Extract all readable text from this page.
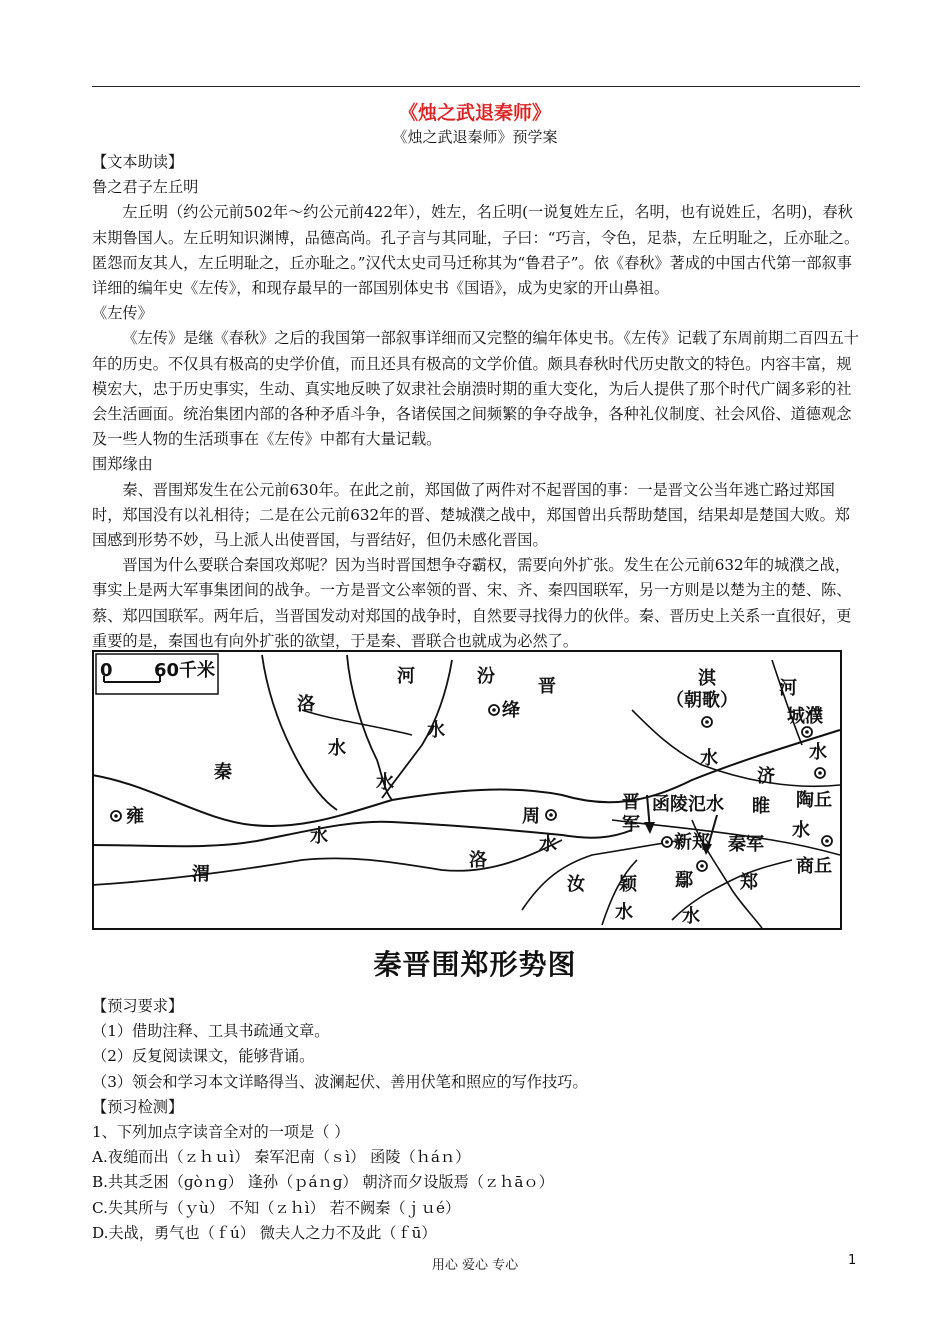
《烛之武退秦师》
《烛之武退秦师》预学案

【文本助读】

鲁之君子左丘明

左丘明（约公元前502年～约公元前422年），姓左，名丘明(一说复姓左丘，名明，也有说姓丘，名明)，春秋末期鲁国人。左丘明知识渊博，品德高尚。孔子言与其同耻，子曰：“巧言，令色，足恭，左丘明耻之，丘亦耻之。匿怨而友其人，左丘明耻之，丘亦耻之。”汉代太史司马迁称其为“鲁君子”。依《春秋》著成的中国古代第一部叙事详细的编年史《左传》，和现存最早的一部国别体史书《国语》，成为史家的开山鼻祖。

《左传》

《左传》是继《春秋》之后的我国第一部叙事详细而又完整的编年体史书。《左传》记载了东周前期二百四五十年的历史。不仅具有极高的史学价值，而且还具有极高的文学价值。颇具春秋时代历史散文的特色。内容丰富，规模宏大，忠于历史事实，生动、真实地反映了奴隶社会崩溃时期的重大变化，为后人提供了那个时代广阔多彩的社会生活画面。统治集团内部的各种矛盾斗争，各诸侯国之间频繁的争夺战争，各种礼仪制度、社会风俗、道德观念及一些人物的生活琐事在《左传》中都有大量记载。

围郑缘由

秦、晋围郑发生在公元前630年。在此之前，郑国做了两件对不起晋国的事：一是晋文公当年逃亡路过郑国时，郑国没有以礼相待；二是在公元前632年的晋、楚城濮之战中，郑国曾出兵帮助楚国，结果却是楚国大败。郑国感到形势不妙，马上派人出使晋国，与晋结好，但仍未感化晋国。

晋国为什么要联合秦国攻郑呢？因为当时晋国想争夺霸权，需要向外扩张。发生在公元前632年的城濮之战，事实上是两大军事集团间的战争。一方是晋文公率领的晋、宋、齐、秦四国联军，另一方则是以楚为主的楚、陈、蔡、郑四国联军。两年后，当晋国发动对郑国的战争时，自然要寻找得力的伙伴。秦、晋历史上关系一直很好，更重要的是，秦国也有向外扩张的欲望，于是秦、晋联合也就成为必然了。

0 60千米	河
洛
水
汾
绛
晋
水
水
秦
雍
水
渭
周
水
洛
汝 颖
水
淇
（朝歌）
河
城濮
水
水
济
陶丘
晋
军
函陵氾水 睢
新郑 秦军
水
商丘
鄢	郑
水
秦晋围郑形势图

【预习要求】

（1）借助注释、工具书疏通文章。

（2）反复阅读课文，能够背诵。

（3）领会和学习本文详略得当、波澜起伏、善用伏笔和照应的写作技巧。

【预习检测】

1、下列加点字读音全对的一项是（ ）

A.夜缒而出（ｚｈｕì） 秦军汜南（ｓì） 函陵（ｈáｎ）

B.共其乏困（ɡòｎɡ） 逢孙（ｐáｎɡ） 朝济而夕设版焉（ｚｈāｏ）

C.失其所与（ｙù） 不知（ｚｈì） 若不阙秦（ｊｕé）

D.夫战，勇气也（ｆú） 微夫人之力不及此（ｆū）

用心 爱心 专心	1
